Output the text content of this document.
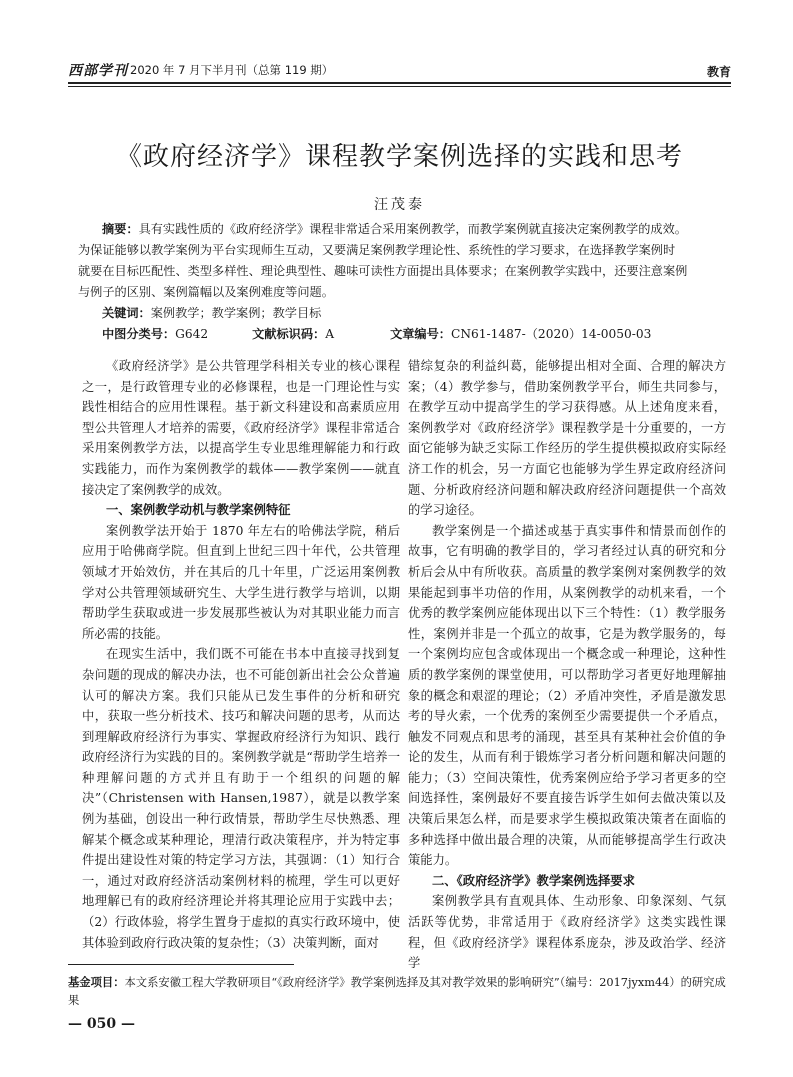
西部学刊 2020 年 7 月下半月刊（总第 119 期）	教育
《政府经济学》课程教学案例选择的实践和思考
汪茂泰

摘要：具有实践性质的《政府经济学》课程非常适合采用案例教学，而教学案例就直接决定案例教学的成效。

为保证能够以教学案例为平台实现师生互动，又要满足案例教学理论性、系统性的学习要求，在选择教学案例时

就要在目标匹配性、类型多样性、理论典型性、趣味可读性方面提出具体要求；在案例教学实践中，还要注意案例

与例子的区别、案例篇幅以及案例难度等问题。

关键词：案例教学；教学案例；教学目标

中图分类号：G642	文献标识码：A	文章编号：CN61-1487-（2020）14-0050-03

《政府经济学》是公共管理学科相关专业的核心课程之一，是行政管理专业的必修课程，也是一门理论性与实践性相结合的应用性课程。基于新文科建设和高素质应用型公共管理人才培养的需要，《政府经济学》课程非常适合采用案例教学方法，以提高学生专业思维理解能力和行政实践能力，而作为案例教学的载体——教学案例——就直接决定了案例教学的成效。

一、案例教学动机与教学案例特征

案例教学法开始于 1870 年左右的哈佛法学院，稍后应用于哈佛商学院。但直到上世纪三四十年代，公共管理领域才开始效仿，并在其后的几十年里，广泛运用案例教学对公共管理领域研究生、大学生进行教学与培训，以期帮助学生获取或进一步发展那些被认为对其职业能力而言所必需的技能。

在现实生活中，我们既不可能在书本中直接寻找到复杂问题的现成的解决办法，也不可能创新出社会公众普遍认可的解决方案。我们只能从已发生事件的分析和研究中，获取一些分析技术、技巧和解决问题的思考，从而达到理解政府经济行为事实、掌握政府经济行为知识、践行政府经济行为实践的目的。案例教学就是“帮助学生培养一种理解问题的方式并且有助于一个组织的问题的解决”（Christensen with Hansen,1987），就是以教学案例为基础，创设出一种行政情景，帮助学生尽快熟悉、理解某个概念或某种理论，理清行政决策程序，并为特定事件提出建设性对策的特定学习方法，其强调：（1）知行合一，通过对政府经济活动案例材料的梳理，学生可以更好地理解已有的政府经济理论并将其理论应用于实践中去；（2）行政体验，将学生置身于虚拟的真实行政环境中，使其体验到政府行政决策的复杂性；（3）决策判断，面对

错综复杂的利益纠葛，能够提出相对全面、合理的解决方案；（4）教学参与，借助案例教学平台，师生共同参与，在教学互动中提高学生的学习获得感。从上述角度来看，案例教学对《政府经济学》课程教学是十分重要的，一方面它能够为缺乏实际工作经历的学生提供模拟政府实际经济工作的机会，另一方面它也能够为学生界定政府经济问题、分析政府经济问题和解决政府经济问题提供一个高效的学习途径。

教学案例是一个描述或基于真实事件和情景而创作的故事，它有明确的教学目的，学习者经过认真的研究和分析后会从中有所收获。高质量的教学案例对案例教学的效果能起到事半功倍的作用，从案例教学的动机来看，一个优秀的教学案例应能体现出以下三个特性：（1）教学服务性，案例并非是一个孤立的故事，它是为教学服务的，每一个案例均应包含或体现出一个概念或一种理论，这种性质的教学案例的课堂使用，可以帮助学习者更好地理解抽象的概念和艰涩的理论；（2）矛盾冲突性，矛盾是激发思考的导火索，一个优秀的案例至少需要提供一个矛盾点，触发不同观点和思考的涌现，甚至具有某种社会价值的争论的发生，从而有利于锻炼学习者分析问题和解决问题的能力；（3）空间决策性，优秀案例应给予学习者更多的空间选择性，案例最好不要直接告诉学生如何去做决策以及决策后果怎么样，而是要求学生模拟政策决策者在面临的多种选择中做出最合理的决策，从而能够提高学生行政决策能力。

二、《政府经济学》教学案例选择要求

案例教学具有直观具体、生动形象、印象深刻、气氛活跃等优势，非常适用于《政府经济学》这类实践性课程，但《政府经济学》课程体系庞杂，涉及政治学、经济学

基金项目：本文系安徽工程大学教研项目“《政府经济学》教学案例选择及其对教学效果的影响研究”（编号：2017jyxm44）的研究成果
— 050 —
